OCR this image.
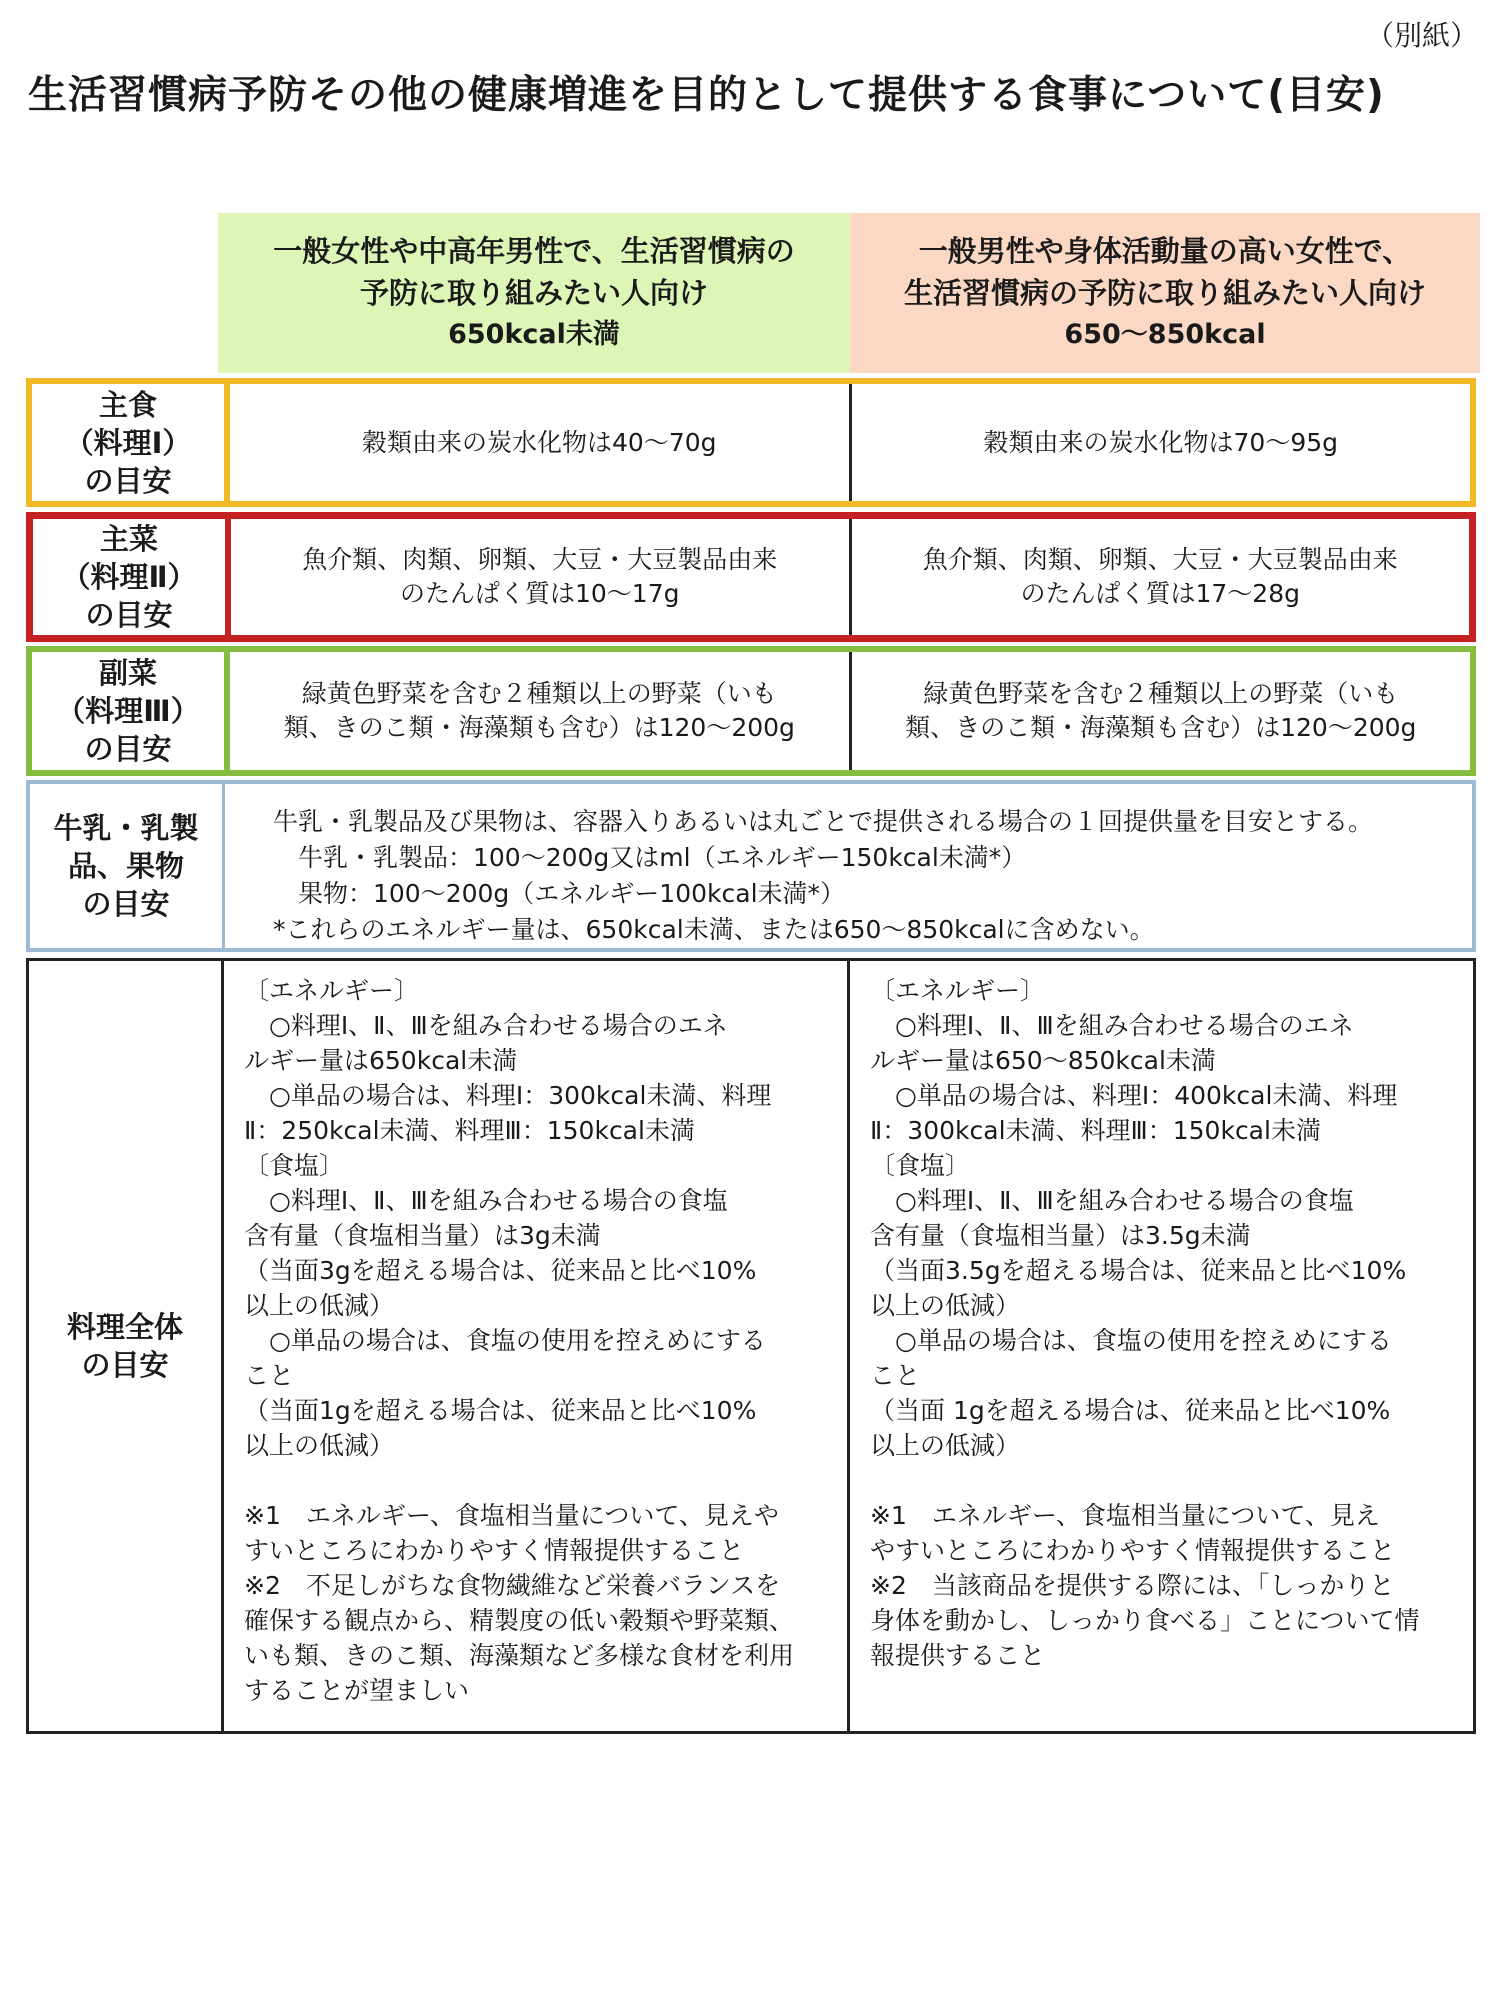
（別紙）
生活習慣病予防その他の健康増進を目的として提供する食事について(目安)
一般女性や中高年男性で、生活習慣病の
予防に取り組みたい人向け
650kcal未満
一般男性や身体活動量の高い女性で、
生活習慣病の予防に取り組みたい人向け
650～850kcal
主食
（料理Ⅰ）
の目安
穀類由来の炭水化物は40～70g	穀類由来の炭水化物は70～95g
主菜
（料理Ⅱ）
の目安
魚介類、肉類、卵類、大豆・大豆製品由来
のたんぱく質は10～17g
魚介類、肉類、卵類、大豆・大豆製品由来
のたんぱく質は17～28g
副菜
（料理Ⅲ）
の目安
緑黄色野菜を含む２種類以上の野菜（いも
類、きのこ類・海藻類も含む）は120～200g
緑黄色野菜を含む２種類以上の野菜（いも
類、きのこ類・海藻類も含む）は120～200g
牛乳・乳製
品、果物
の目安
牛乳・乳製品及び果物は、容器入りあるいは丸ごとで提供される場合の１回提供量を目安とする。
　牛乳・乳製品：100～200g又はml（エネルギー150kcal未満*）
　果物：100～200g（エネルギー100kcal未満*）
*これらのエネルギー量は、650kcal未満、または650～850kcalに含めない。
料理全体
の目安
〔エネルギー〕
　○料理Ⅰ、Ⅱ、Ⅲを組み合わせる場合のエネ
ルギー量は650kcal未満
　○単品の場合は、料理Ⅰ：300kcal未満、料理
Ⅱ：250kcal未満、料理Ⅲ：150kcal未満
〔食塩〕
　○料理Ⅰ、Ⅱ、Ⅲを組み合わせる場合の食塩
含有量（食塩相当量）は3g未満
（当面3gを超える場合は、従来品と比べ10%
以上の低減）
　○単品の場合は、食塩の使用を控えめにする
こと
（当面1gを超える場合は、従来品と比べ10%
以上の低減）
※1　エネルギー、食塩相当量について、見えや
すいところにわかりやすく情報提供すること
※2　不足しがちな食物繊維など栄養バランスを
確保する観点から、精製度の低い穀類や野菜類、
いも類、きのこ類、海藻類など多様な食材を利用
することが望ましい
〔エネルギー〕
　○料理Ⅰ、Ⅱ、Ⅲを組み合わせる場合のエネ
ルギー量は650～850kcal未満
　○単品の場合は、料理Ⅰ：400kcal未満、料理
Ⅱ：300kcal未満、料理Ⅲ：150kcal未満
〔食塩〕
　○料理Ⅰ、Ⅱ、Ⅲを組み合わせる場合の食塩
含有量（食塩相当量）は3.5g未満
（当面3.5gを超える場合は、従来品と比べ10%
以上の低減）
　○単品の場合は、食塩の使用を控えめにする
こと
（当面 1gを超える場合は、従来品と比べ10%
以上の低減）
※1　エネルギー、食塩相当量について、見え
やすいところにわかりやすく情報提供すること
※2　当該商品を提供する際には、「しっかりと
身体を動かし、しっかり食べる」ことについて情
報提供すること
